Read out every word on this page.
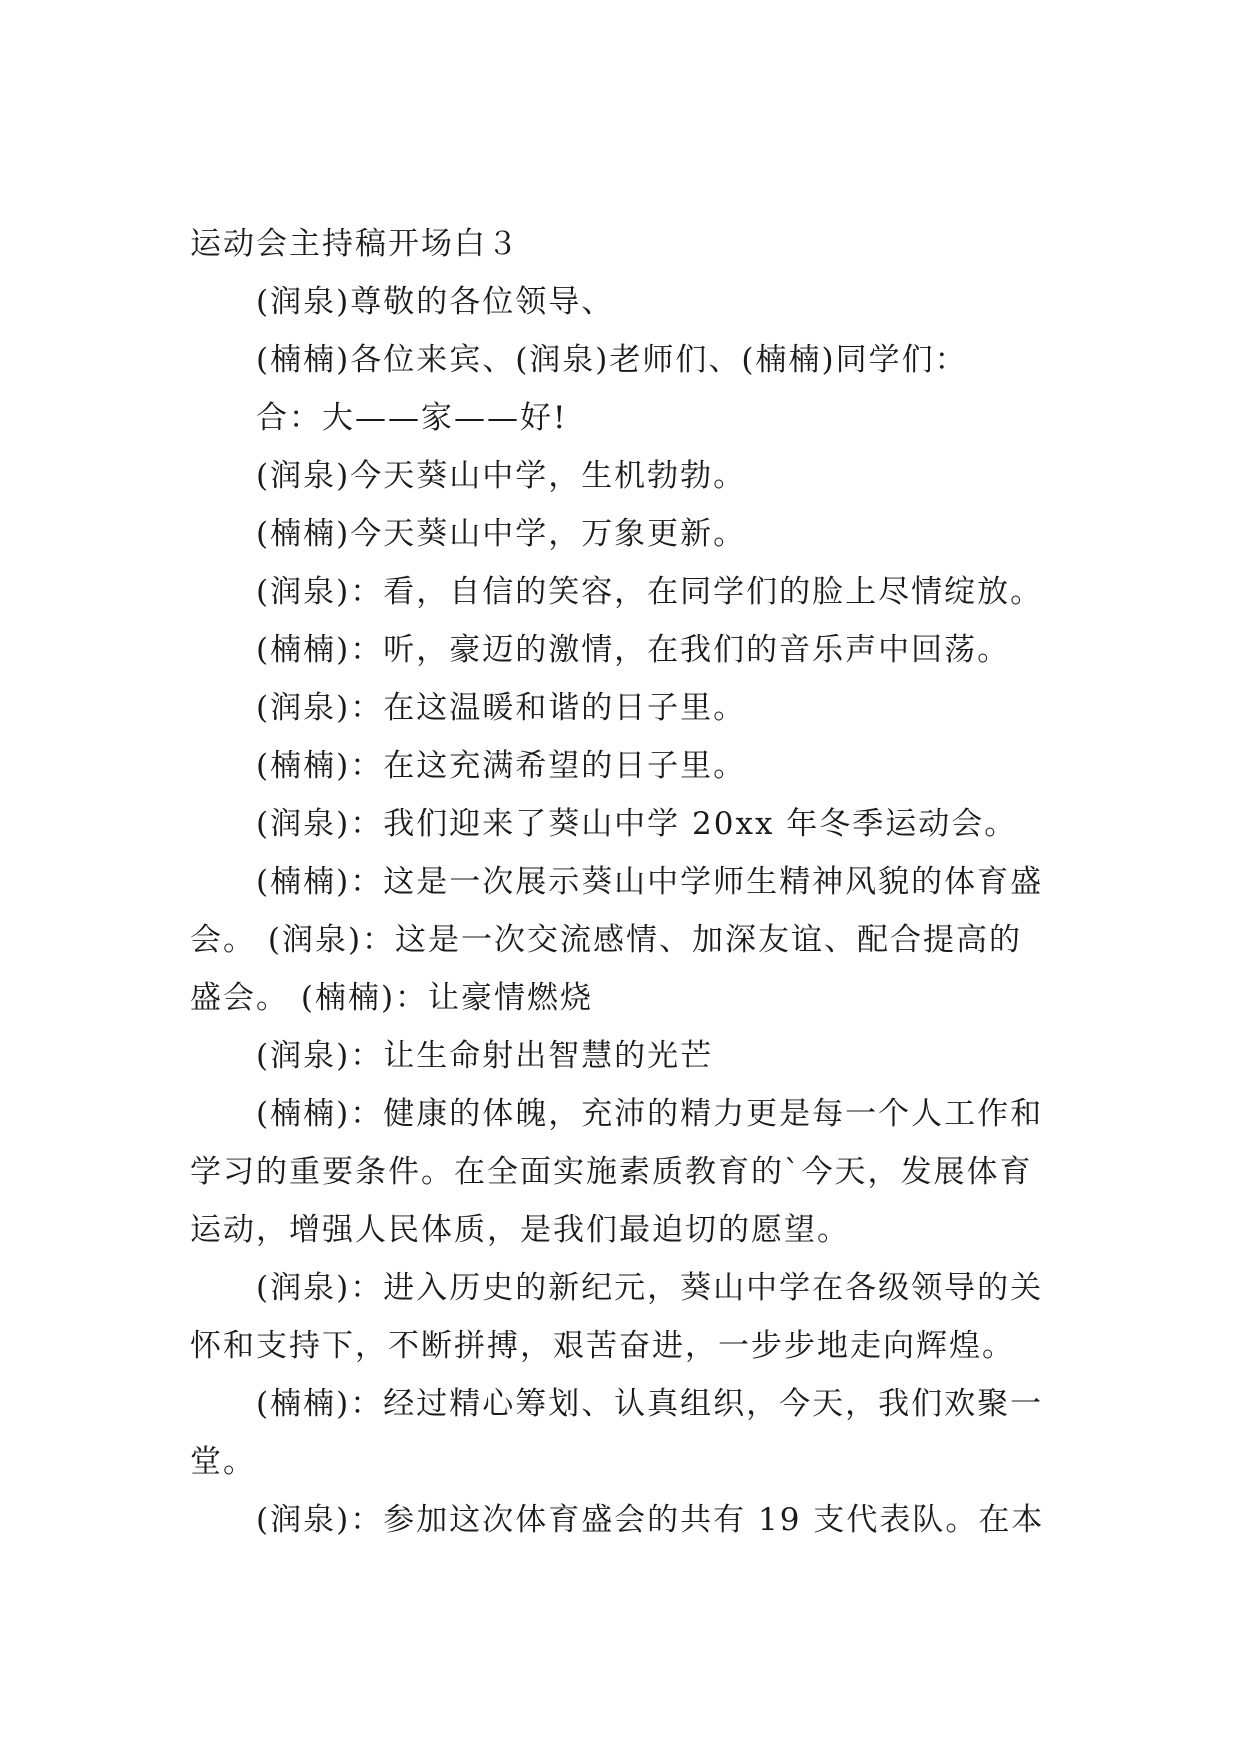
运动会主持稿开场白３
(润泉)尊敬的各位领导、
(楠楠)各位来宾、(润泉)老师们、(楠楠)同学们：
合：大——家——好!
(润泉)今天葵山中学，生机勃勃。
(楠楠)今天葵山中学，万象更新。
(润泉)：看，自信的笑容，在同学们的脸上尽情绽放。
(楠楠)：听，豪迈的激情，在我们的音乐声中回荡。
(润泉)：在这温暖和谐的日子里。
(楠楠)：在这充满希望的日子里。
(润泉)：我们迎来了葵山中学 20xx 年冬季运动会。
(楠楠)：这是一次展示葵山中学师生精神风貌的体育盛
会。 (润泉)：这是一次交流感情、加深友谊、配合提高的
盛会。 (楠楠)：让豪情燃烧
(润泉)：让生命射出智慧的光芒
(楠楠)：健康的体魄，充沛的精力更是每一个人工作和
学习的重要条件。在全面实施素质教育的`今天，发展体育
运动，增强人民体质，是我们最迫切的愿望。
(润泉)：进入历史的新纪元，葵山中学在各级领导的关
怀和支持下，不断拼搏，艰苦奋进，一步步地走向辉煌。
(楠楠)：经过精心筹划、认真组织，今天，我们欢聚一
堂。
(润泉)：参加这次体育盛会的共有 19 支代表队。在本
